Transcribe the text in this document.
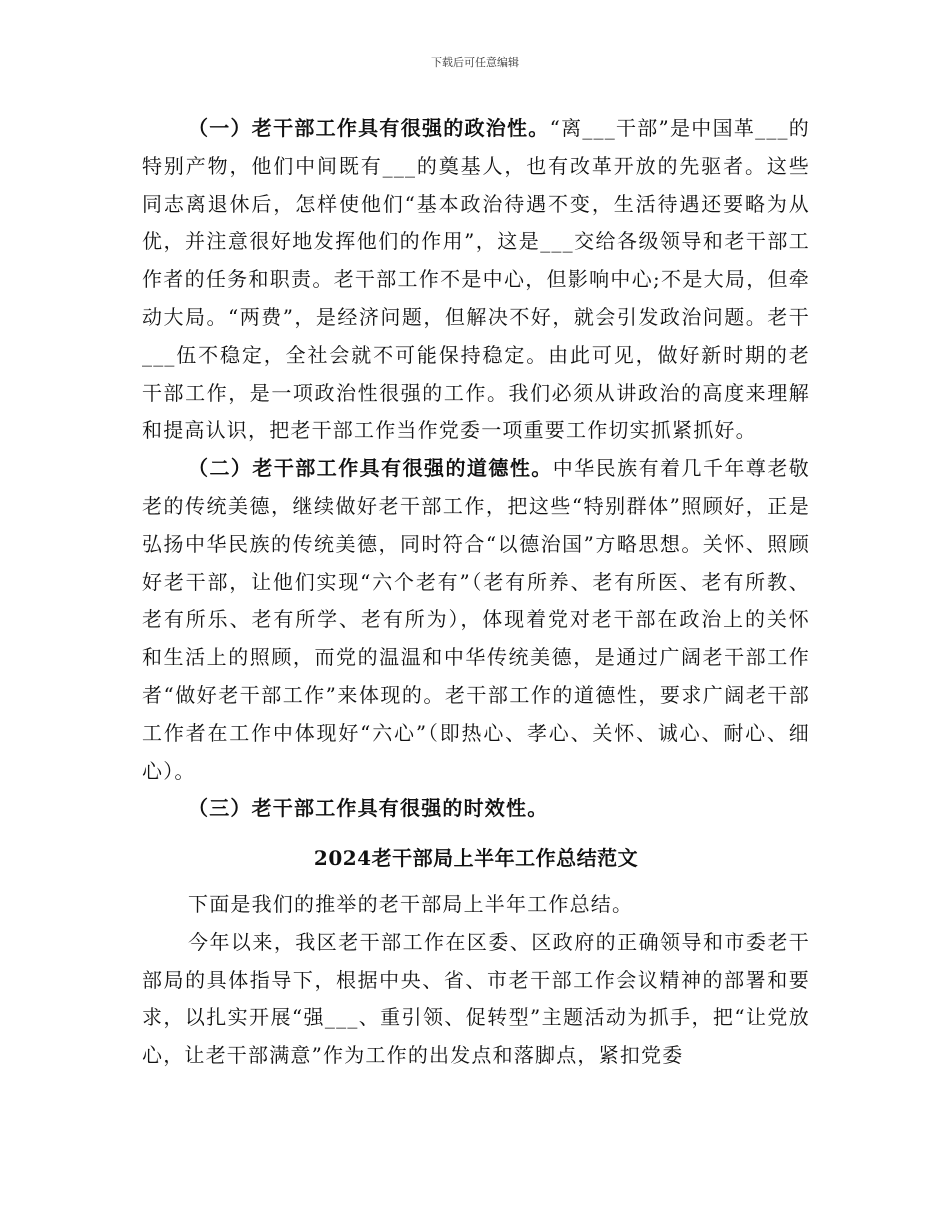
下载后可任意编辑

（一）老干部工作具有很强的政治性。“离___干部”是中国革___的特别产物，他们中间既有___的奠基人，也有改革开放的先驱者。这些同志离退休后，怎样使他们“基本政治待遇不变，生活待遇还要略为从优，并注意很好地发挥他们的作用”，这是___交给各级领导和老干部工作者的任务和职责。老干部工作不是中心，但影响中心;不是大局，但牵动大局。“两费”，是经济问题，但解决不好，就会引发政治问题。老干___伍不稳定，全社会就不可能保持稳定。由此可见，做好新时期的老干部工作，是一项政治性很强的工作。我们必须从讲政治的高度来理解和提高认识，把老干部工作当作党委一项重要工作切实抓紧抓好。

（二）老干部工作具有很强的道德性。中华民族有着几千年尊老敬老的传统美德，继续做好老干部工作，把这些“特别群体”照顾好，正是弘扬中华民族的传统美德，同时符合“以德治国”方略思想。关怀、照顾好老干部，让他们实现“六个老有”（老有所养、老有所医、老有所教、老有所乐、老有所学、老有所为），体现着党对老干部在政治上的关怀和生活上的照顾，而党的温温和中华传统美德，是通过广阔老干部工作者“做好老干部工作”来体现的。老干部工作的道德性，要求广阔老干部工作者在工作中体现好“六心”（即热心、孝心、关怀、诚心、耐心、细心）。

（三）老干部工作具有很强的时效性。

2024老干部局上半年工作总结范文

下面是我们的推举的老干部局上半年工作总结。

今年以来，我区老干部工作在区委、区政府的正确领导和市委老干部局的具体指导下，根据中央、省、市老干部工作会议精神的部署和要求，以扎实开展“强___、重引领、促转型”主题活动为抓手，把“让党放心，让老干部满意”作为工作的出发点和落脚点，紧扣党委
